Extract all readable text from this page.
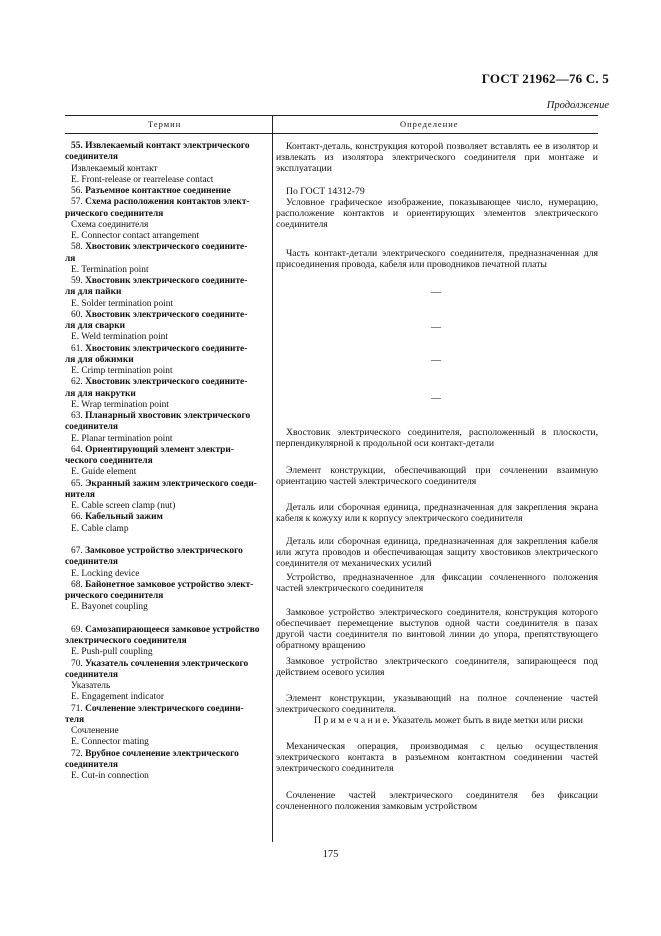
ГОСТ 21962—76 С. 5
Продолжение
Термин	Определение
55. Извлекаемый контакт электрического
соединителя
Извлекаемый контакт
E. Front-release or rearrelease contact
56. Разъемное контактное соединение
57. Схема расположения контактов элект-
рического соединителя
Схема соединителя
E. Connector contact arrangement
58. Хвостовик электрического соедините-
ля
E. Termination point
59. Хвостовик электрического соедините-
ля для пайки
E. Solder termination point
60. Хвостовик электрического соедините-
ля для сварки
E. Weld termination point
61. Хвостовик электрического соедините-
ля для обжимки
E. Crimp termination point
62. Хвостовик электрического соедините-
ля для накрутки
E. Wrap termination point
63. Планарный хвостовик электрического
соединителя
E. Planar termination point
64. Ориентирующий элемент электри-
ческого соединителя
E. Guide element
65. Экранный зажим электрического соеди-
нителя
E. Cable screen clamp (nut)
66. Кабельный зажим
E. Cable clamp

67. Замковое устройство электрического
соединителя
E. Locking device
68. Байонетное замковое устройство элект-
рического соединителя
E. Bayonet coupling

69. Самозапирающееся замковое устройство
электрического соединителя
E. Push-pull coupling
70. Указатель сочленения электрического
соединителя
Указатель
E. Engagement indicator
71. Сочленение электрического соедини-
теля
Сочленение
E. Connector mating
72. Врубное сочленение электрического
соединителя
E. Cut-in connection
Контакт-деталь, конструкция которой позволяет вставлять ее в изолятор и извлекать из изолятора электрического соединителя при монтаже и эксплуатации
По ГОСТ 14312-79
Условное графическое изображение, показывающее число, нумерацию, расположение контактов и ориентирующих элементов электрического соединителя
Часть контакт-детали электрического соединителя, предназначенная для присоединения провода, кабеля или проводников печатной платы
Хвостовик электрического соединителя, расположенный в плоскости, перпендикулярной к продольной оси контакт-детали
Элемент конструкции, обеспечивающий при сочленении взаимную ориентацию частей электрического соединителя
Деталь или сборочная единица, предназначенная для закрепления экрана кабеля к кожуху или к корпусу электрического соединителя
Деталь или сборочная единица, предназначенная для закрепления кабеля или жгута проводов и обеспечивающая защиту хвостовиков электрического соединителя от механических усилий
Устройство, предназначенное для фиксации сочлененного положения частей электрического соединителя
Замковое устройство электрического соединителя, конструкция которого обеспечивает перемещение выступов одной части соединителя в пазах другой части соединителя по винтовой линии до упора, препятствующего обратному вращению
Замковое устройство электрического соединителя, запирающееся под действием осевого усилия
Элемент конструкции, указывающий на полное сочленение частей электрического соединителя.
Механическая операция, производимая с целью осуществления электрического контакта в разъемном контактном соединении частей электрического соединителя
Сочленение частей электрического соединителя без фиксации сочлененного положения замковым устройством
П р и м е ч а н и е. Указатель может быть в виде метки или риски
—
—
—
—
175
